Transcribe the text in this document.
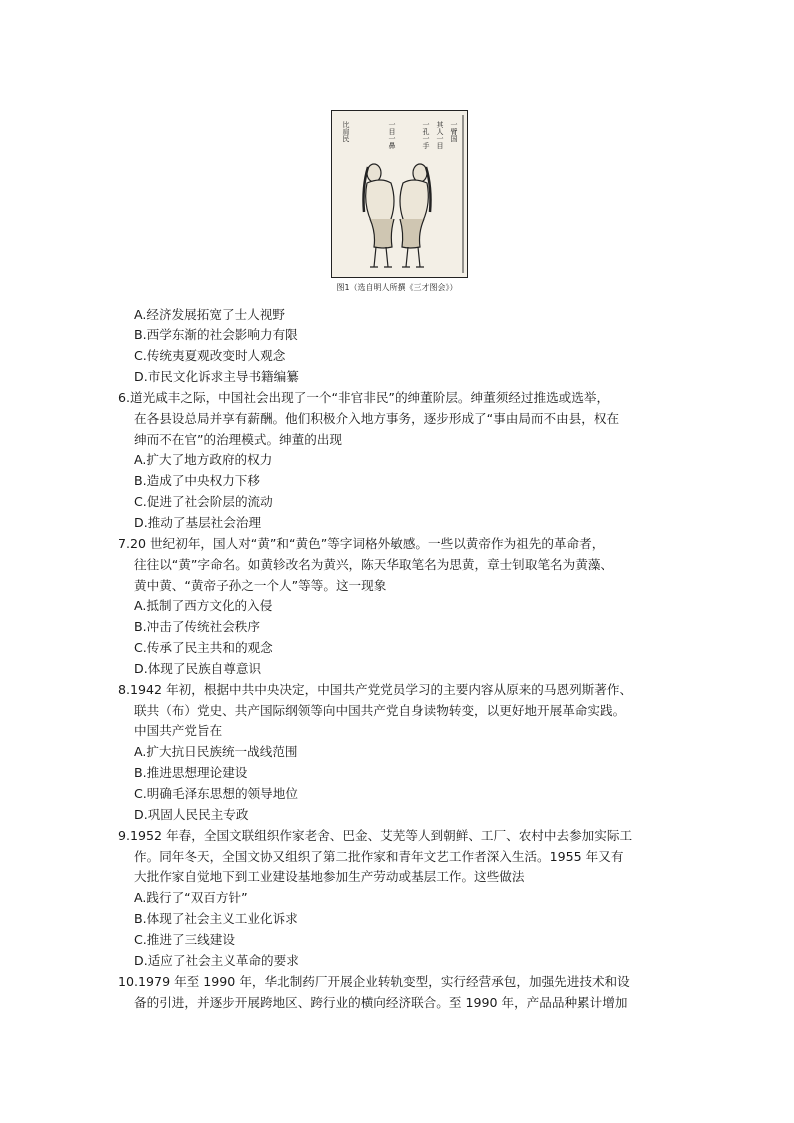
一臂国
其人一目
一孔一手
一目一鼻
比肩民
图1（选自明人所撰《三才图会》）
A.经济发展拓宽了士人视野
B.西学东渐的社会影响力有限
C.传统夷夏观改变时人观念
D.市民文化诉求主导书籍编纂
6.道光咸丰之际，中国社会出现了一个“非官非民”的绅董阶层。绅董须经过推选或选举，
在各县设总局并享有薪酬。他们积极介入地方事务，逐步形成了“事由局而不由县，权在
绅而不在官”的治理模式。绅董的出现
A.扩大了地方政府的权力
B.造成了中央权力下移
C.促进了社会阶层的流动
D.推动了基层社会治理
7.20 世纪初年，国人对“黄”和“黄色”等字词格外敏感。一些以黄帝作为祖先的革命者，
往往以“黄”字命名。如黄轸改名为黄兴，陈天华取笔名为思黄，章士钊取笔名为黄藻、
黄中黄、“黄帝子孙之一个人”等等。这一现象
A.抵制了西方文化的入侵
B.冲击了传统社会秩序
C.传承了民主共和的观念
D.体现了民族自尊意识
8.1942 年初，根据中共中央决定，中国共产党党员学习的主要内容从原来的马恩列斯著作、
联共（布）党史、共产国际纲领等向中国共产党自身读物转变，以更好地开展革命实践。
中国共产党旨在
A.扩大抗日民族统一战线范围
B.推进思想理论建设
C.明确毛泽东思想的领导地位
D.巩固人民民主专政
9.1952 年春，全国文联组织作家老舍、巴金、艾芜等人到朝鲜、工厂、农村中去参加实际工
作。同年冬天，全国文协又组织了第二批作家和青年文艺工作者深入生活。1955 年又有
大批作家自觉地下到工业建设基地参加生产劳动或基层工作。这些做法
A.践行了“双百方针”
B.体现了社会主义工业化诉求
C.推进了三线建设
D.适应了社会主义革命的要求
10.1979 年至 1990 年，华北制药厂开展企业转轨变型，实行经营承包，加强先进技术和设
备的引进，并逐步开展跨地区、跨行业的横向经济联合。至 1990 年，产品品种累计增加
